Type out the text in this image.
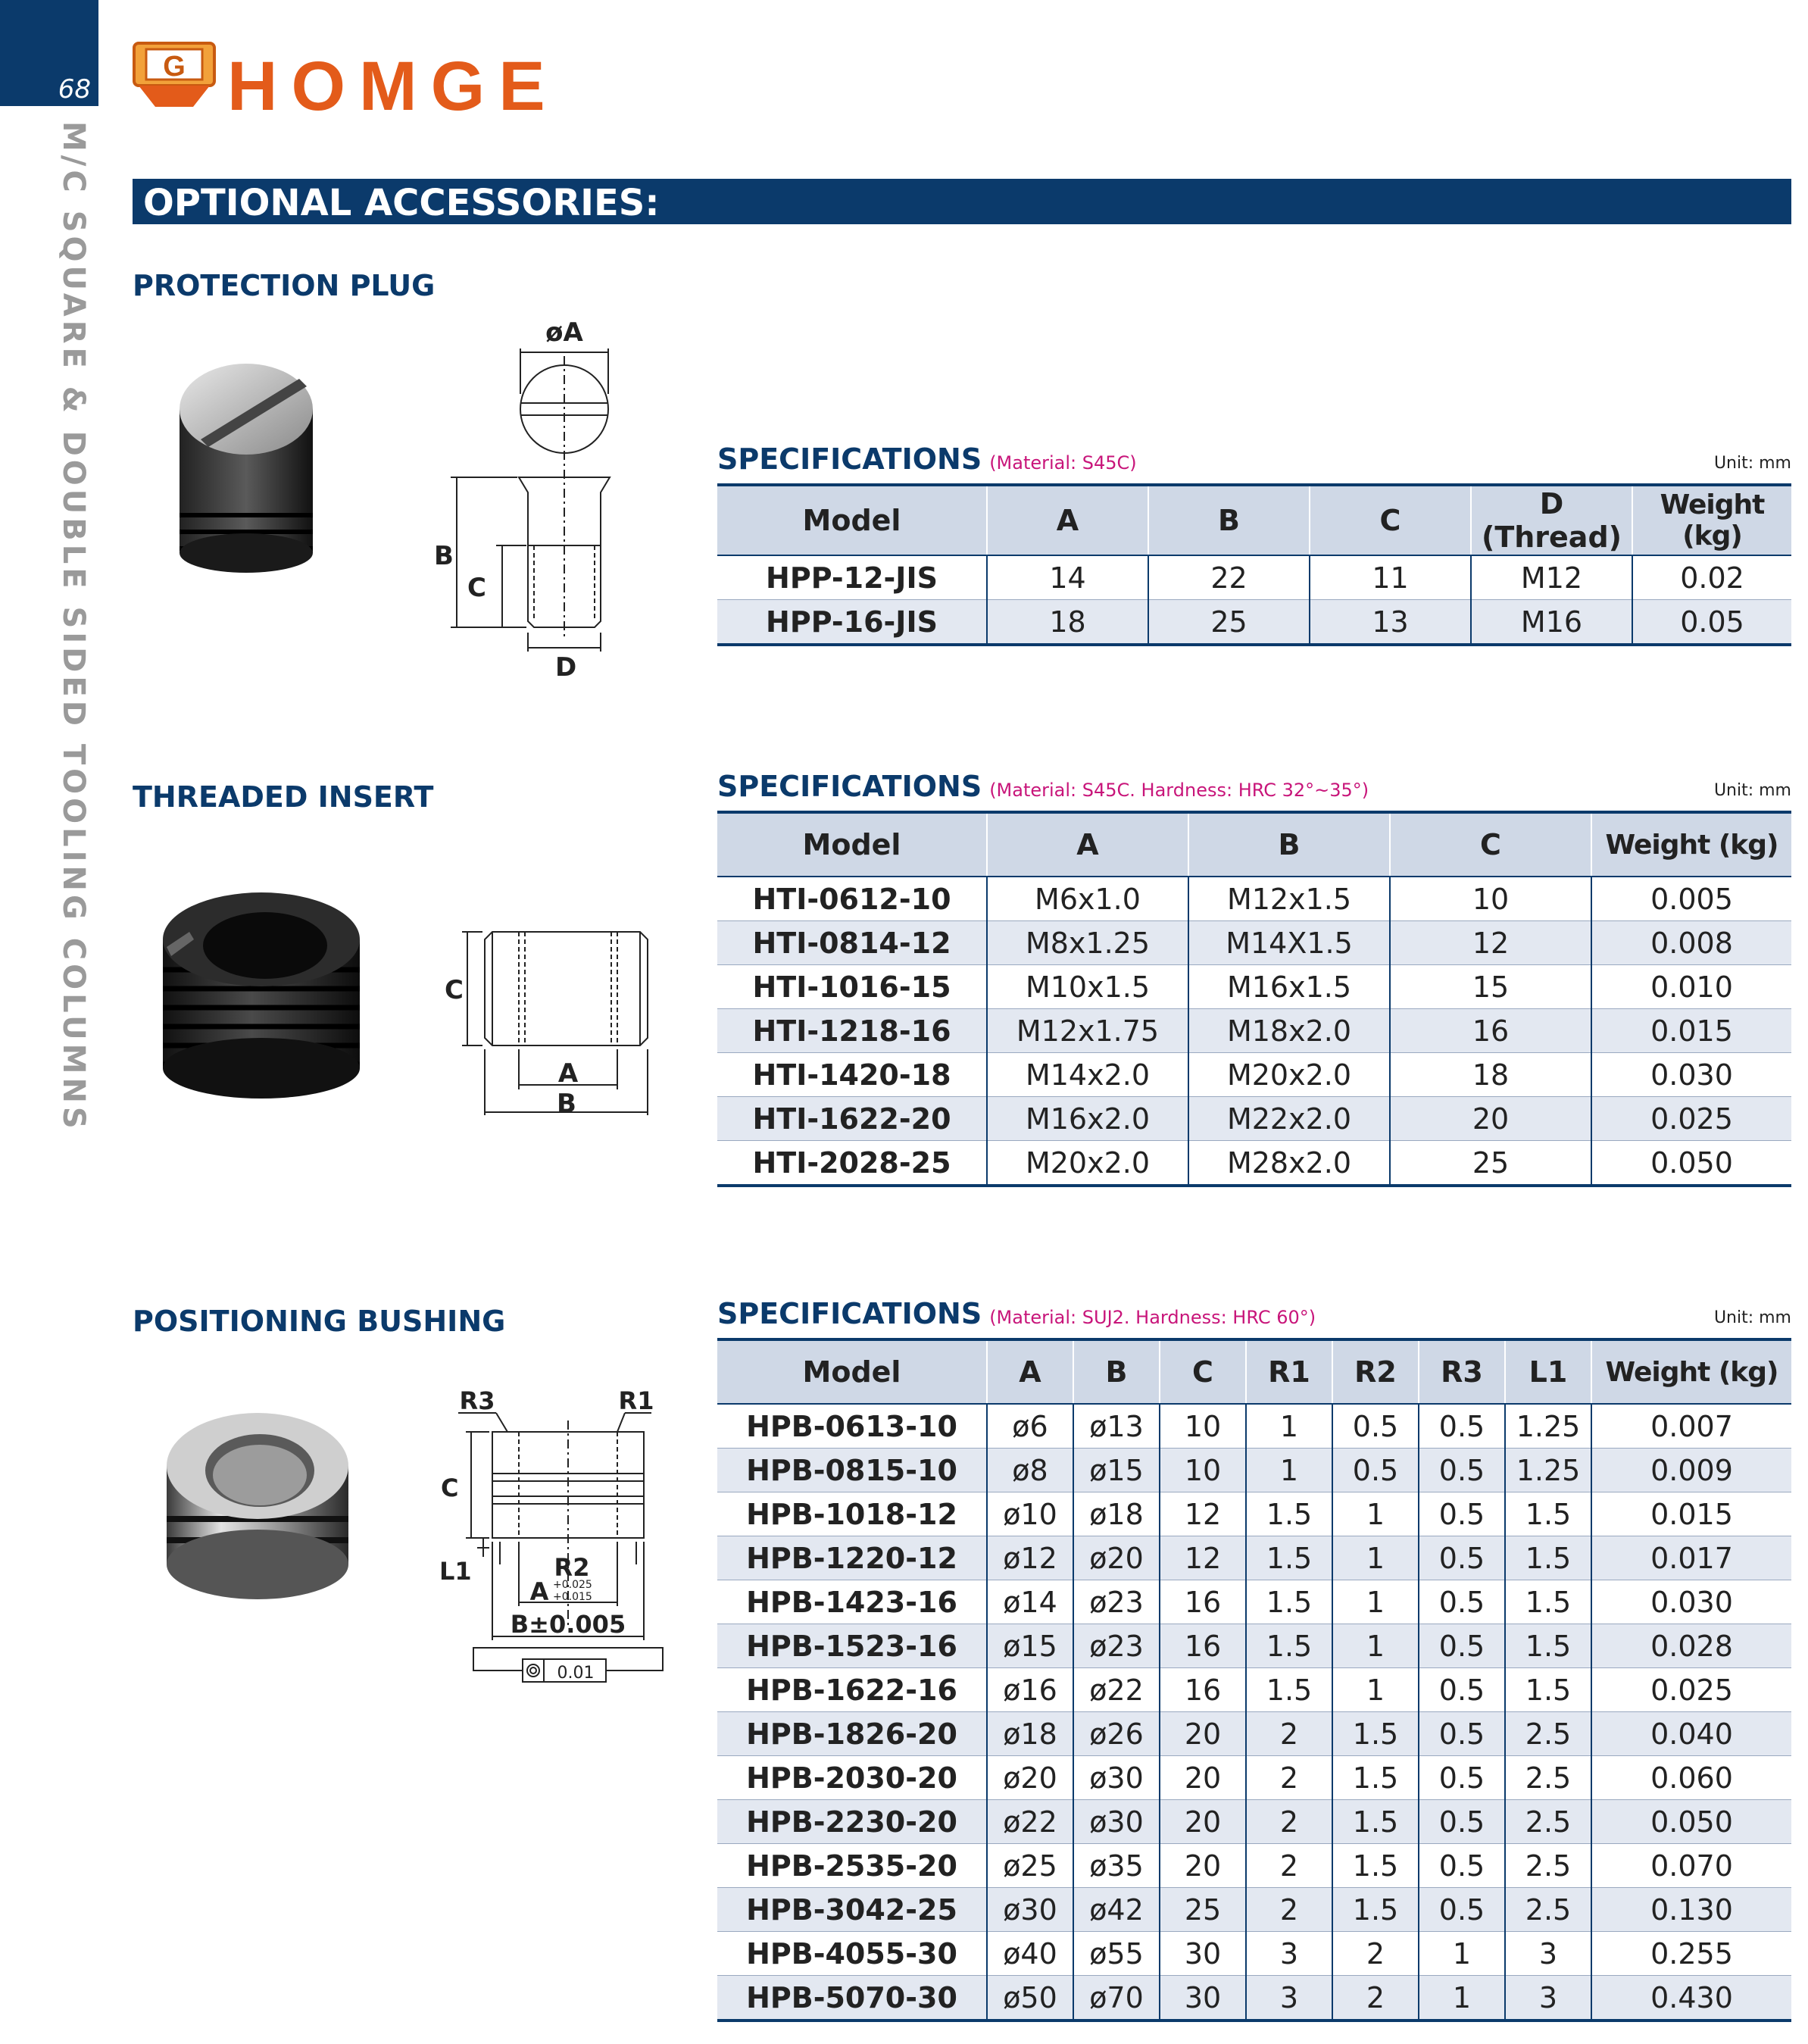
68
M/C SQUARE & DOUBLE SIDED TOOLING COLUMNS
G HOMGE
OPTIONAL ACCESSORIES:
PROTECTION PLUG
øA
B
C
D
SPECIFICATIONS (Material: S45C)	Unit: mm
Model	A	B	C	D (Thread)	Weight (kg)
HPP-12-JIS	14	22	11	M12	0.02
HPP-16-JIS	18	25	13	M16	0.05
THREADED INSERT
C
A
B
SPECIFICATIONS (Material: S45C. Hardness: HRC 32°~35°)	Unit: mm
Model	A	B	C	Weight (kg)
HTI-0612-10	M6x1.0	M12x1.5	10	0.005
HTI-0814-12	M8x1.25	M14X1.5	12	0.008
HTI-1016-15	M10x1.5	M16x1.5	15	0.010
HTI-1218-16	M12x1.75	M18x2.0	16	0.015
HTI-1420-18	M14x2.0	M20x2.0	18	0.030
HTI-1622-20	M16x2.0	M22x2.0	20	0.025
HTI-2028-25	M20x2.0	M28x2.0	25	0.050
POSITIONING BUSHING
R3	R1
C
L1	R2
A +0.025
+0.015
B±0.005
0.01
SPECIFICATIONS (Material: SUJ2. Hardness: HRC 60°)	Unit: mm
Model	A	B	C	R1	R2	R3	L1	Weight (kg)
HPB-0613-10	ø6	ø13	10	1	0.5	0.5	1.25	0.007
HPB-0815-10	ø8	ø15	10	1	0.5	0.5	1.25	0.009
HPB-1018-12	ø10	ø18	12	1.5	1	0.5	1.5	0.015
HPB-1220-12	ø12	ø20	12	1.5	1	0.5	1.5	0.017
HPB-1423-16	ø14	ø23	16	1.5	1	0.5	1.5	0.030
HPB-1523-16	ø15	ø23	16	1.5	1	0.5	1.5	0.028
HPB-1622-16	ø16	ø22	16	1.5	1	0.5	1.5	0.025
HPB-1826-20	ø18	ø26	20	2	1.5	0.5	2.5	0.040
HPB-2030-20	ø20	ø30	20	2	1.5	0.5	2.5	0.060
HPB-2230-20	ø22	ø30	20	2	1.5	0.5	2.5	0.050
HPB-2535-20	ø25	ø35	20	2	1.5	0.5	2.5	0.070
HPB-3042-25	ø30	ø42	25	2	1.5	0.5	2.5	0.130
HPB-4055-30	ø40	ø55	30	3	2	1	3	0.255
HPB-5070-30	ø50	ø70	30	3	2	1	3	0.430
